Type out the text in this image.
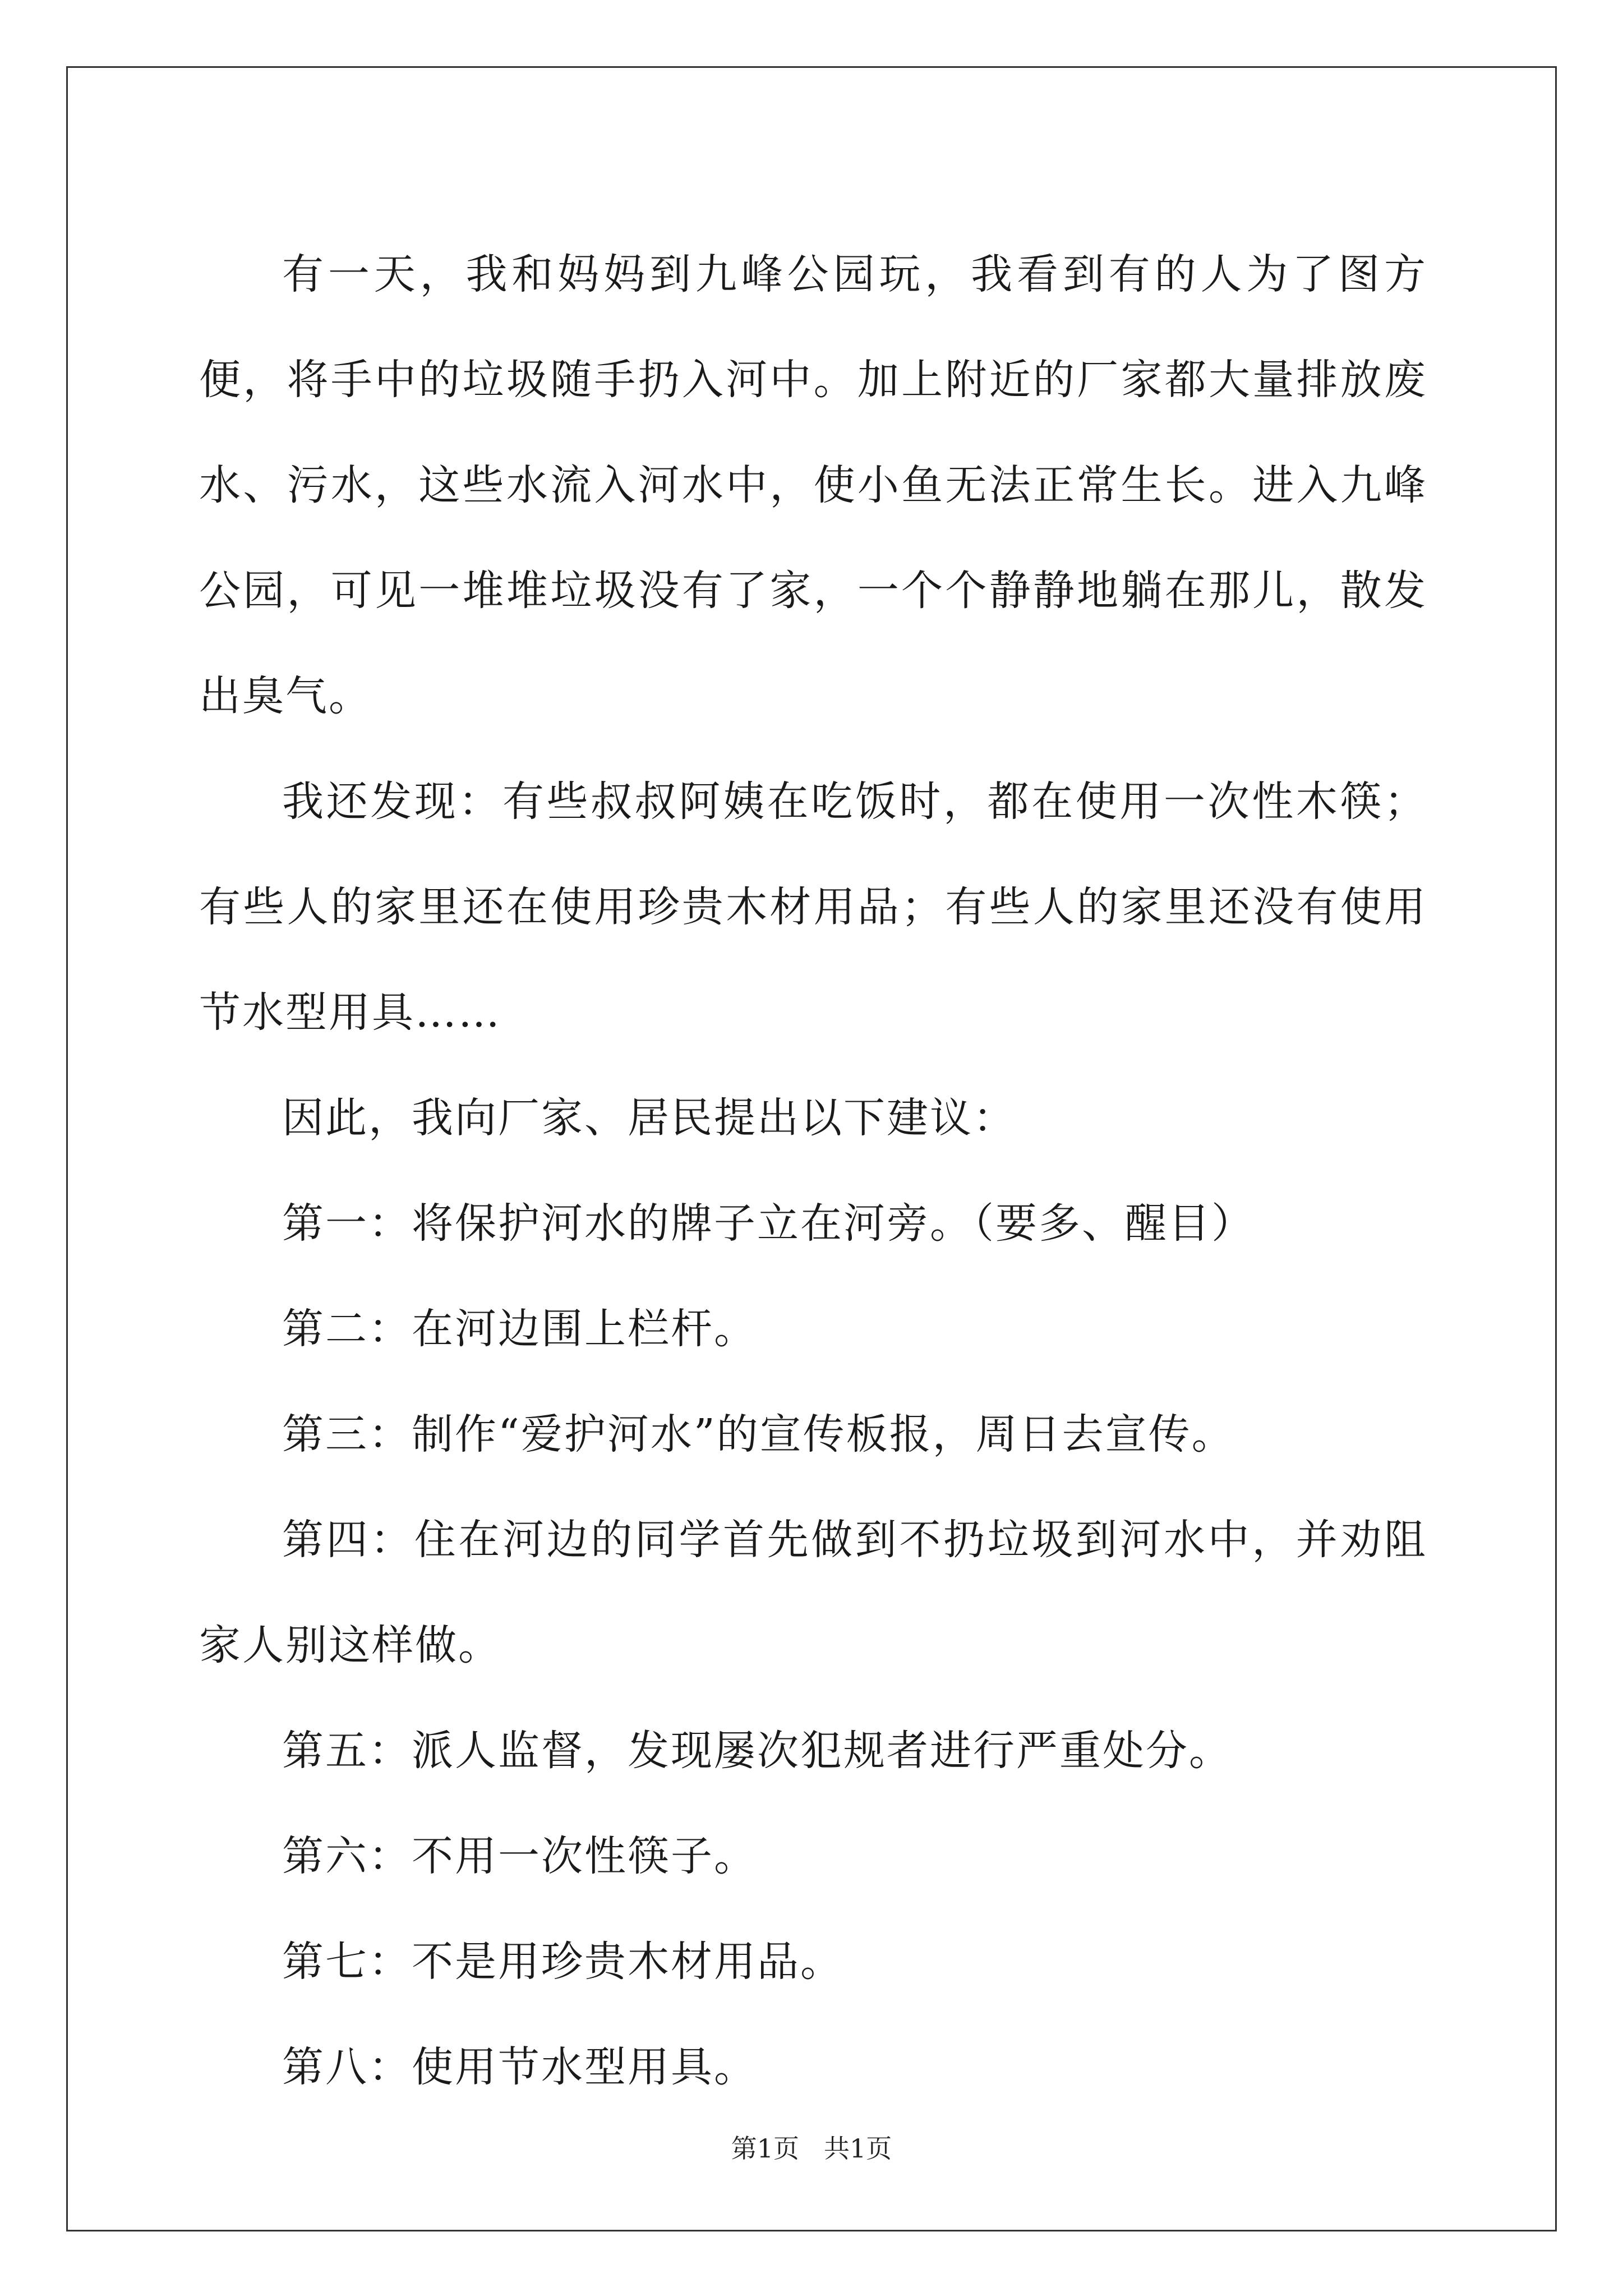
有一天，我和妈妈到九峰公园玩，我看到有的人为了图方便，将手中的垃圾随手扔入河中。加上附近的厂家都大量排放废水、污水，这些水流入河水中，使小鱼无法正常生长。进入九峰公园，可见一堆堆垃圾没有了家，一个个静静地躺在那儿，散发出臭气。

我还发现：有些叔叔阿姨在吃饭时，都在使用一次性木筷；有些人的家里还在使用珍贵木材用品；有些人的家里还没有使用节水型用具……

因此，我向厂家、居民提出以下建议：

第一：将保护河水的牌子立在河旁。（要多、醒目）

第二：在河边围上栏杆。

第三：制作“爱护河水”的宣传板报，周日去宣传。

第四：住在河边的同学首先做到不扔垃圾到河水中，并劝阻家人别这样做。

第五：派人监督，发现屡次犯规者进行严重处分。

第六：不用一次性筷子。

第七：不是用珍贵木材用品。

第八：使用节水型用具。

第1页 共1页
